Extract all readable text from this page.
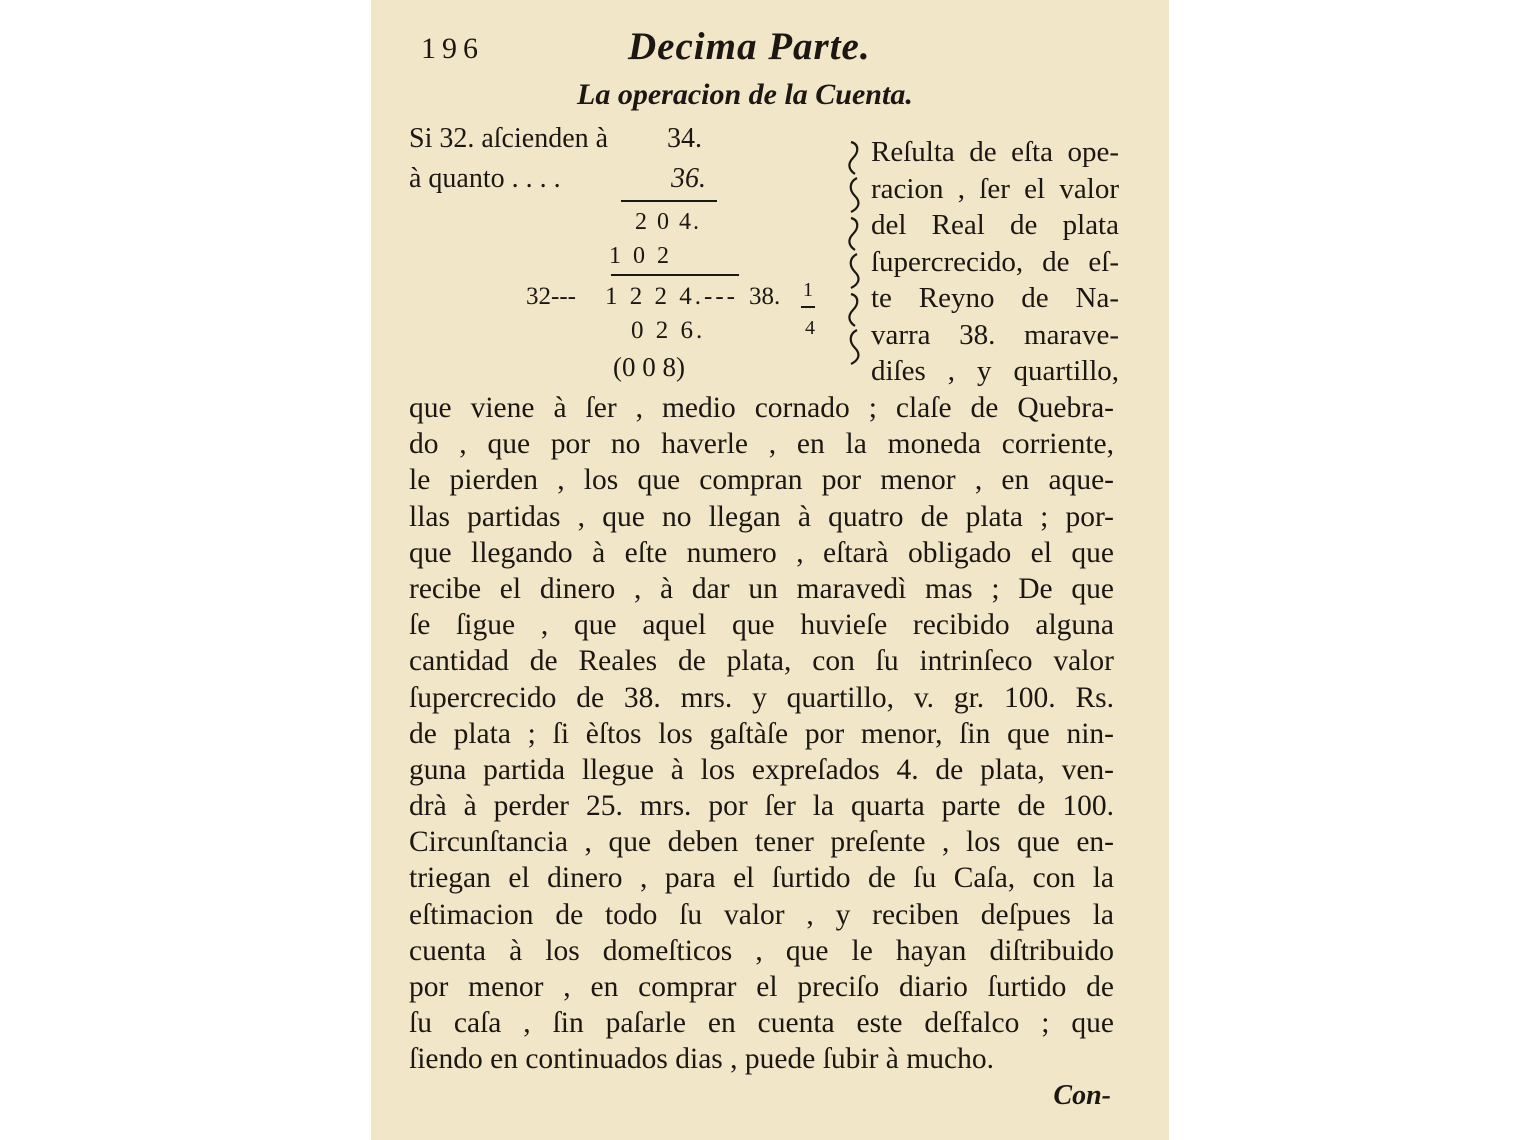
196	Decima Parte.
La operacion de la Cuenta.
Si 32. aſcienden à 34.
à quanto . . . .	36.
2 0 4.
1 0 2
32--- 1 2 2 4.--- 38. 1
4
0 2 6.
(0 0 8)
Reſulta de eſta ope-
racion , ſer el valor
del Real de plata
ſupercrecido, de eſ-
te Reyno de Na-
varra 38. marave-
diſes , y quartillo,
que viene à ſer , medio cornado ; claſe de Quebra-
do , que por no haverle , en la moneda corriente,
le pierden , los que compran por menor , en aque-
llas partidas , que no llegan à quatro de plata ; por-
que llegando à eſte numero , eſtarà obligado el que
recibe el dinero , à dar un maravedì mas ; De que
ſe ſigue , que aquel que huvieſe recibido alguna
cantidad de Reales de plata, con ſu intrinſeco valor
ſupercrecido de 38. mrs. y quartillo, v. gr. 100. Rs.
de plata ; ſi èſtos los gaſtàſe por menor, ſin que nin-
guna partida llegue à los expreſados 4. de plata, ven-
drà à perder 25. mrs. por ſer la quarta parte de 100.
Circunſtancia , que deben tener preſente , los que en-
triegan el dinero , para el ſurtido de ſu Caſa, con la
eſtimacion de todo ſu valor , y reciben deſpues la
cuenta à los domeſticos , que le hayan diſtribuido
por menor , en comprar el preciſo diario ſurtido de
ſu caſa , ſin paſarle en cuenta este deſfalco ; que
ſiendo en continuados dias , puede ſubir à mucho.
Con-
